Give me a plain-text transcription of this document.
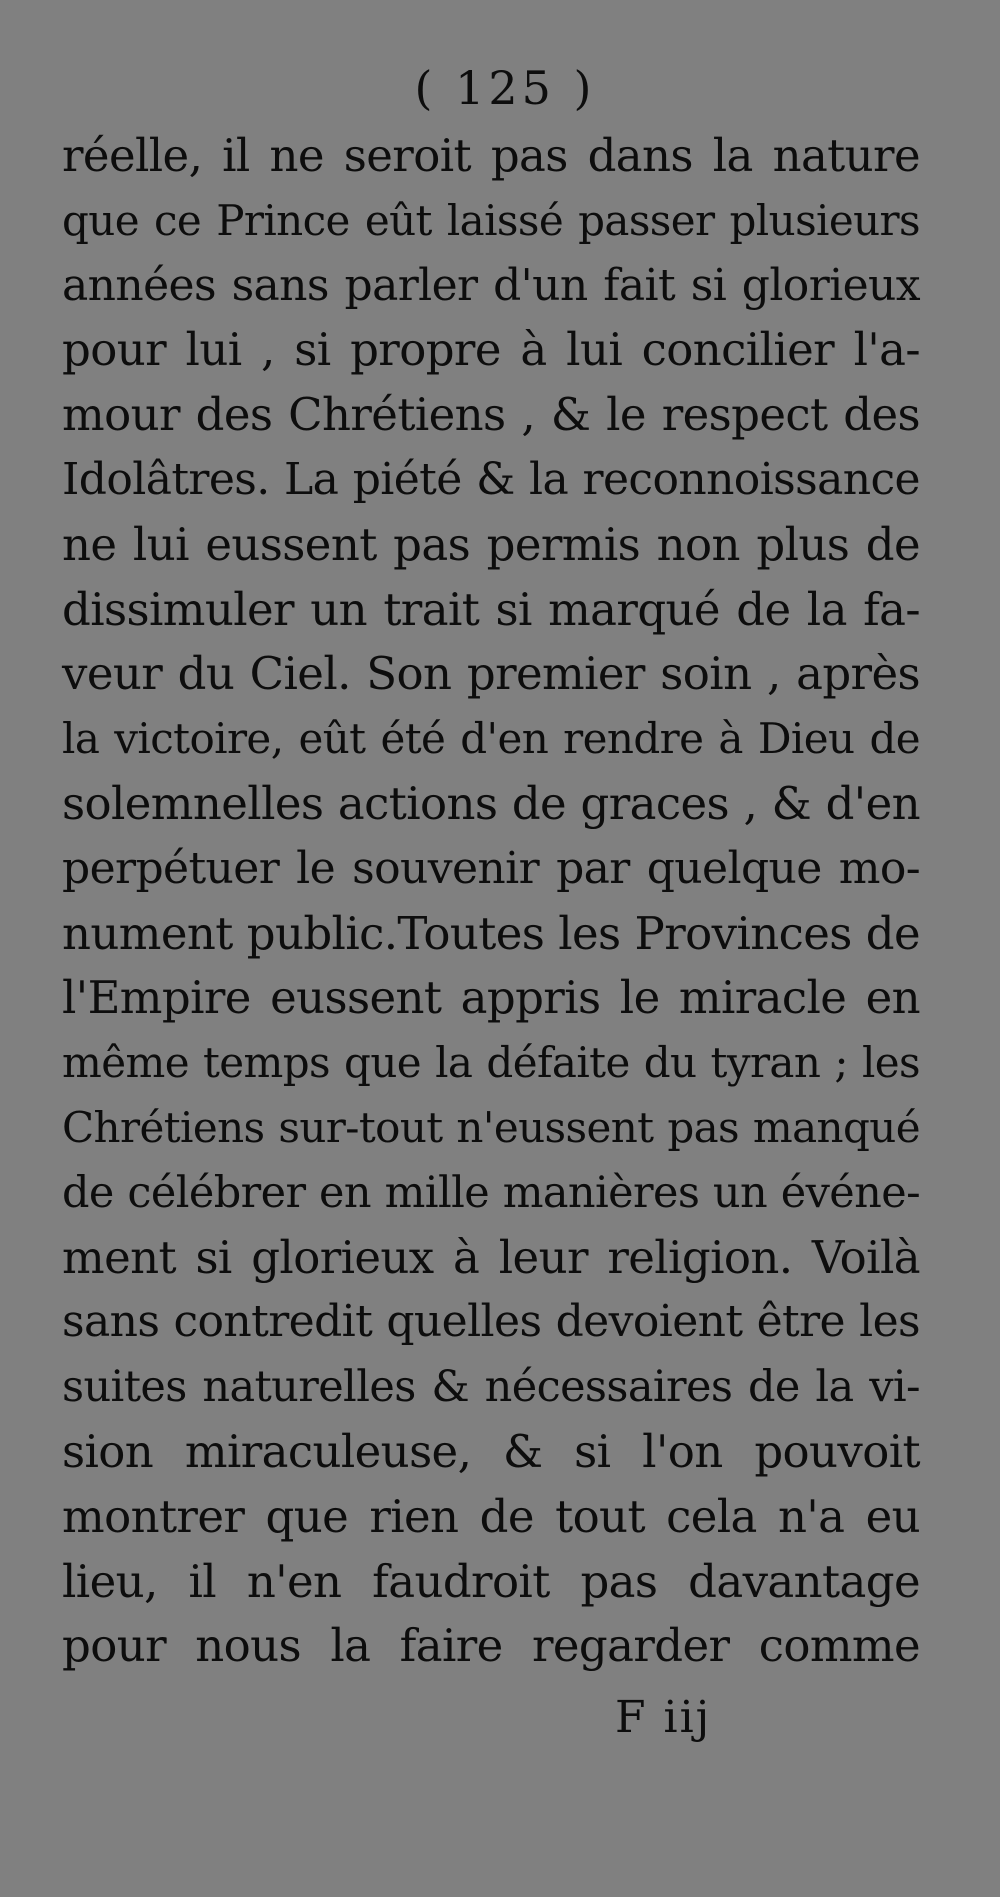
( 125 )
réelle, il ne seroit pas dans la nature
que ce Prince eût laissé passer plusieurs
années sans parler d'un fait si glorieux
pour lui , si propre à lui concilier l'a-
mour des Chrétiens , & le respect des
Idolâtres. La piété & la reconnoissance
ne lui eussent pas permis non plus de
dissimuler un trait si marqué de la fa-
veur du Ciel. Son premier soin , après
la victoire, eût été d'en rendre à Dieu de
solemnelles actions de graces , & d'en
perpétuer le souvenir par quelque mo-
nument public.Toutes les Provinces de
l'Empire eussent appris le miracle en
même temps que la défaite du tyran ; les
Chrétiens sur-tout n'eussent pas manqué
de célébrer en mille manières un événe-
ment si glorieux à leur religion. Voilà
sans contredit quelles devoient être les
suites naturelles & nécessaires de la vi-
sion miraculeuse, & si l'on pouvoit
montrer que rien de tout cela n'a eu
lieu, il n'en faudroit pas davantage
pour nous la faire regarder comme
F iij
